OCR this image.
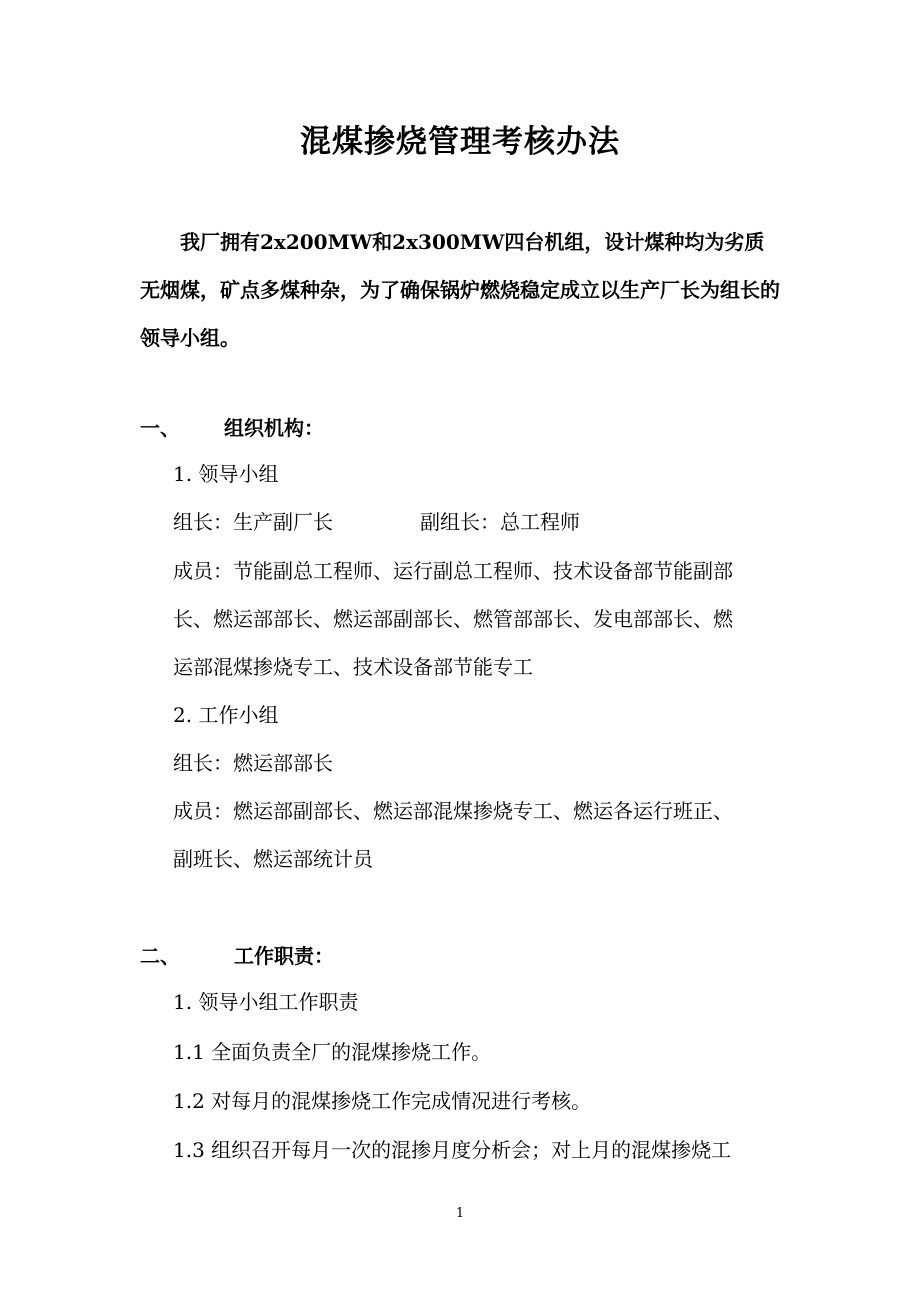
混煤掺烧管理考核办法
我厂拥有2x200MW和2x300MW四台机组，设计煤种均为劣质无烟煤，矿点多煤种杂，为了确保锅炉燃烧稳定成立以生产厂长为组长的领导小组。
一、 组织机构：
1. 领导小组
组长：生产副厂长	副组长：总工程师
成员：节能副总工程师、运行副总工程师、技术设备部节能副部
长、燃运部部长、燃运部副部长、燃管部部长、发电部部长、燃
运部混煤掺烧专工、技术设备部节能专工
2. 工作小组
组长：燃运部部长
成员：燃运部副部长、燃运部混煤掺烧专工、燃运各运行班正、
副班长、燃运部统计员
二、	工作职责：
1. 领导小组工作职责
1.1 全面负责全厂的混煤掺烧工作。
1.2 对每月的混煤掺烧工作完成情况进行考核。
1.3 组织召开每月一次的混掺月度分析会；对上月的混煤掺烧工
1
